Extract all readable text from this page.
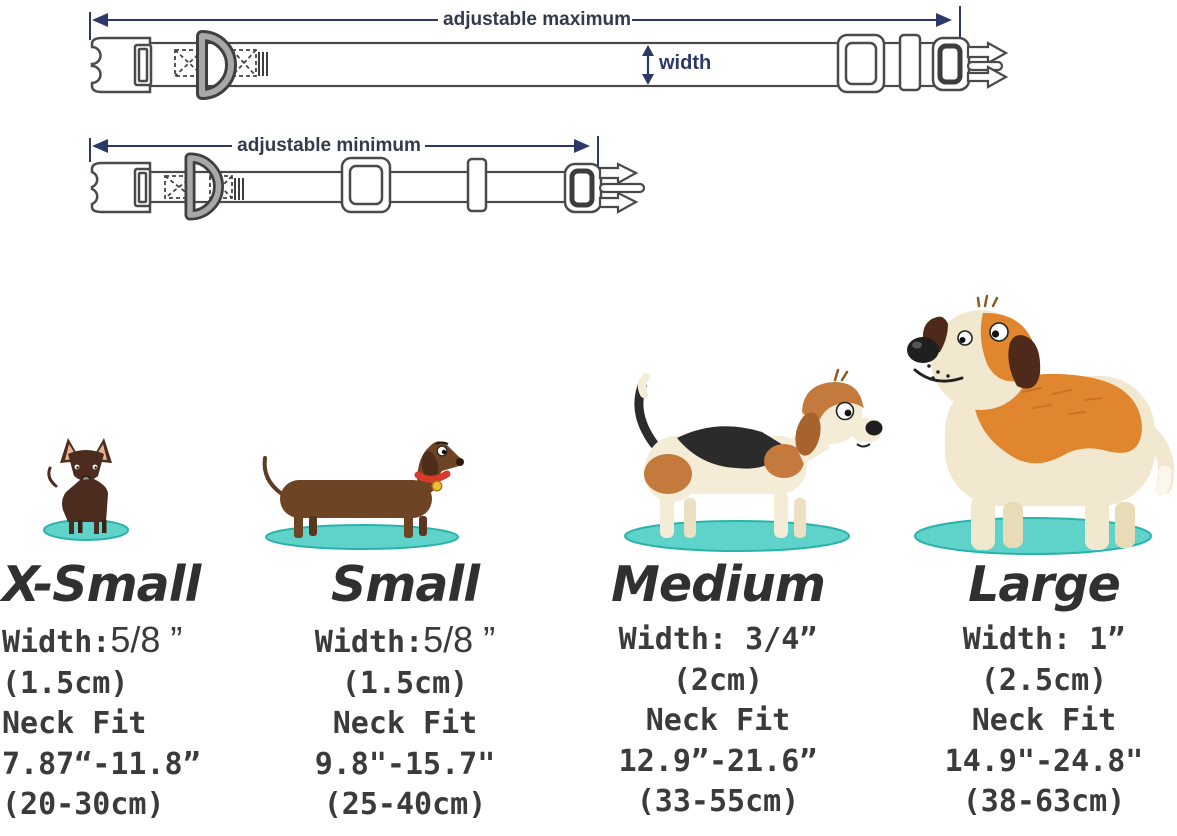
adjustable maximum
width
adjustable minimum
X-Small
Width:5/8 ”
(1.5cm)
Neck Fit
7.87“-11.8”
(20-30cm)
Small
Width:5/8 ”
(1.5cm)
Neck Fit
9.8"-15.7"
(25-40cm)
Medium
Width: 3/4”
(2cm)
Neck Fit
12.9”-21.6”
(33-55cm)
Large
Width: 1”
(2.5cm)
Neck Fit
14.9"-24.8"
(38-63cm)
